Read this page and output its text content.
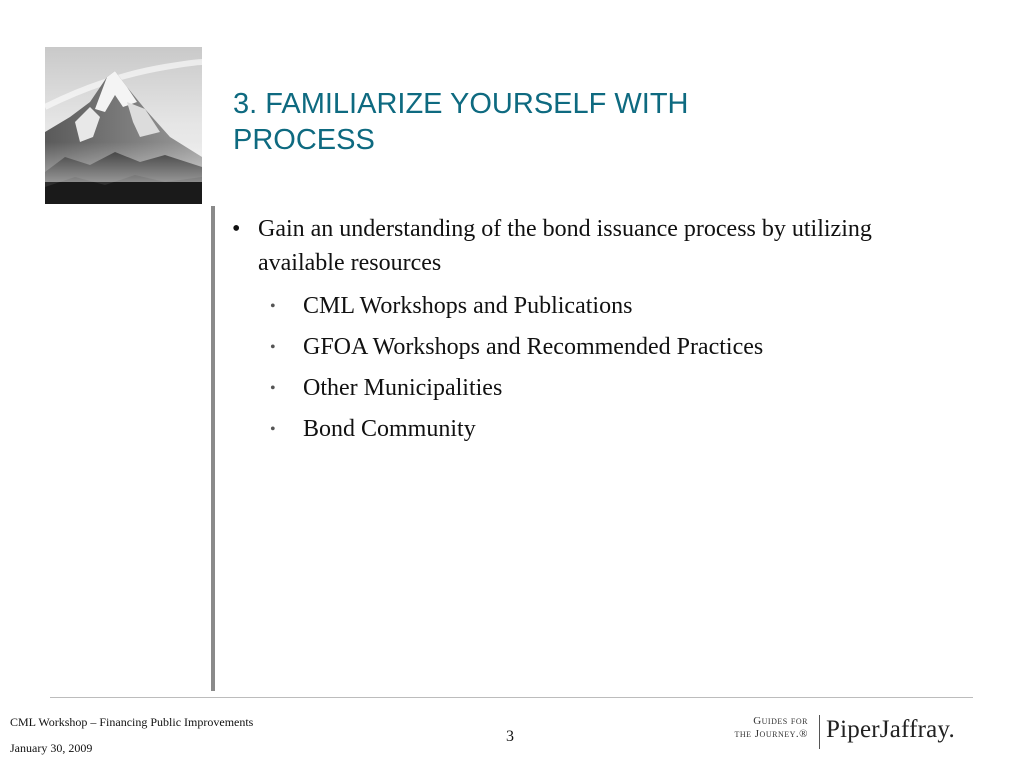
3. FAMILIARIZE YOURSELF WITH
PROCESS
• Gain an understanding of the bond issuance process by utilizing available resources
• CML Workshops and Publications
• GFOA Workshops and Recommended Practices
• Other Municipalities
• Bond Community
CML Workshop – Financing Public Improvements
January 30, 2009
3
Guides for
the Journey.® PiperJaffray.
